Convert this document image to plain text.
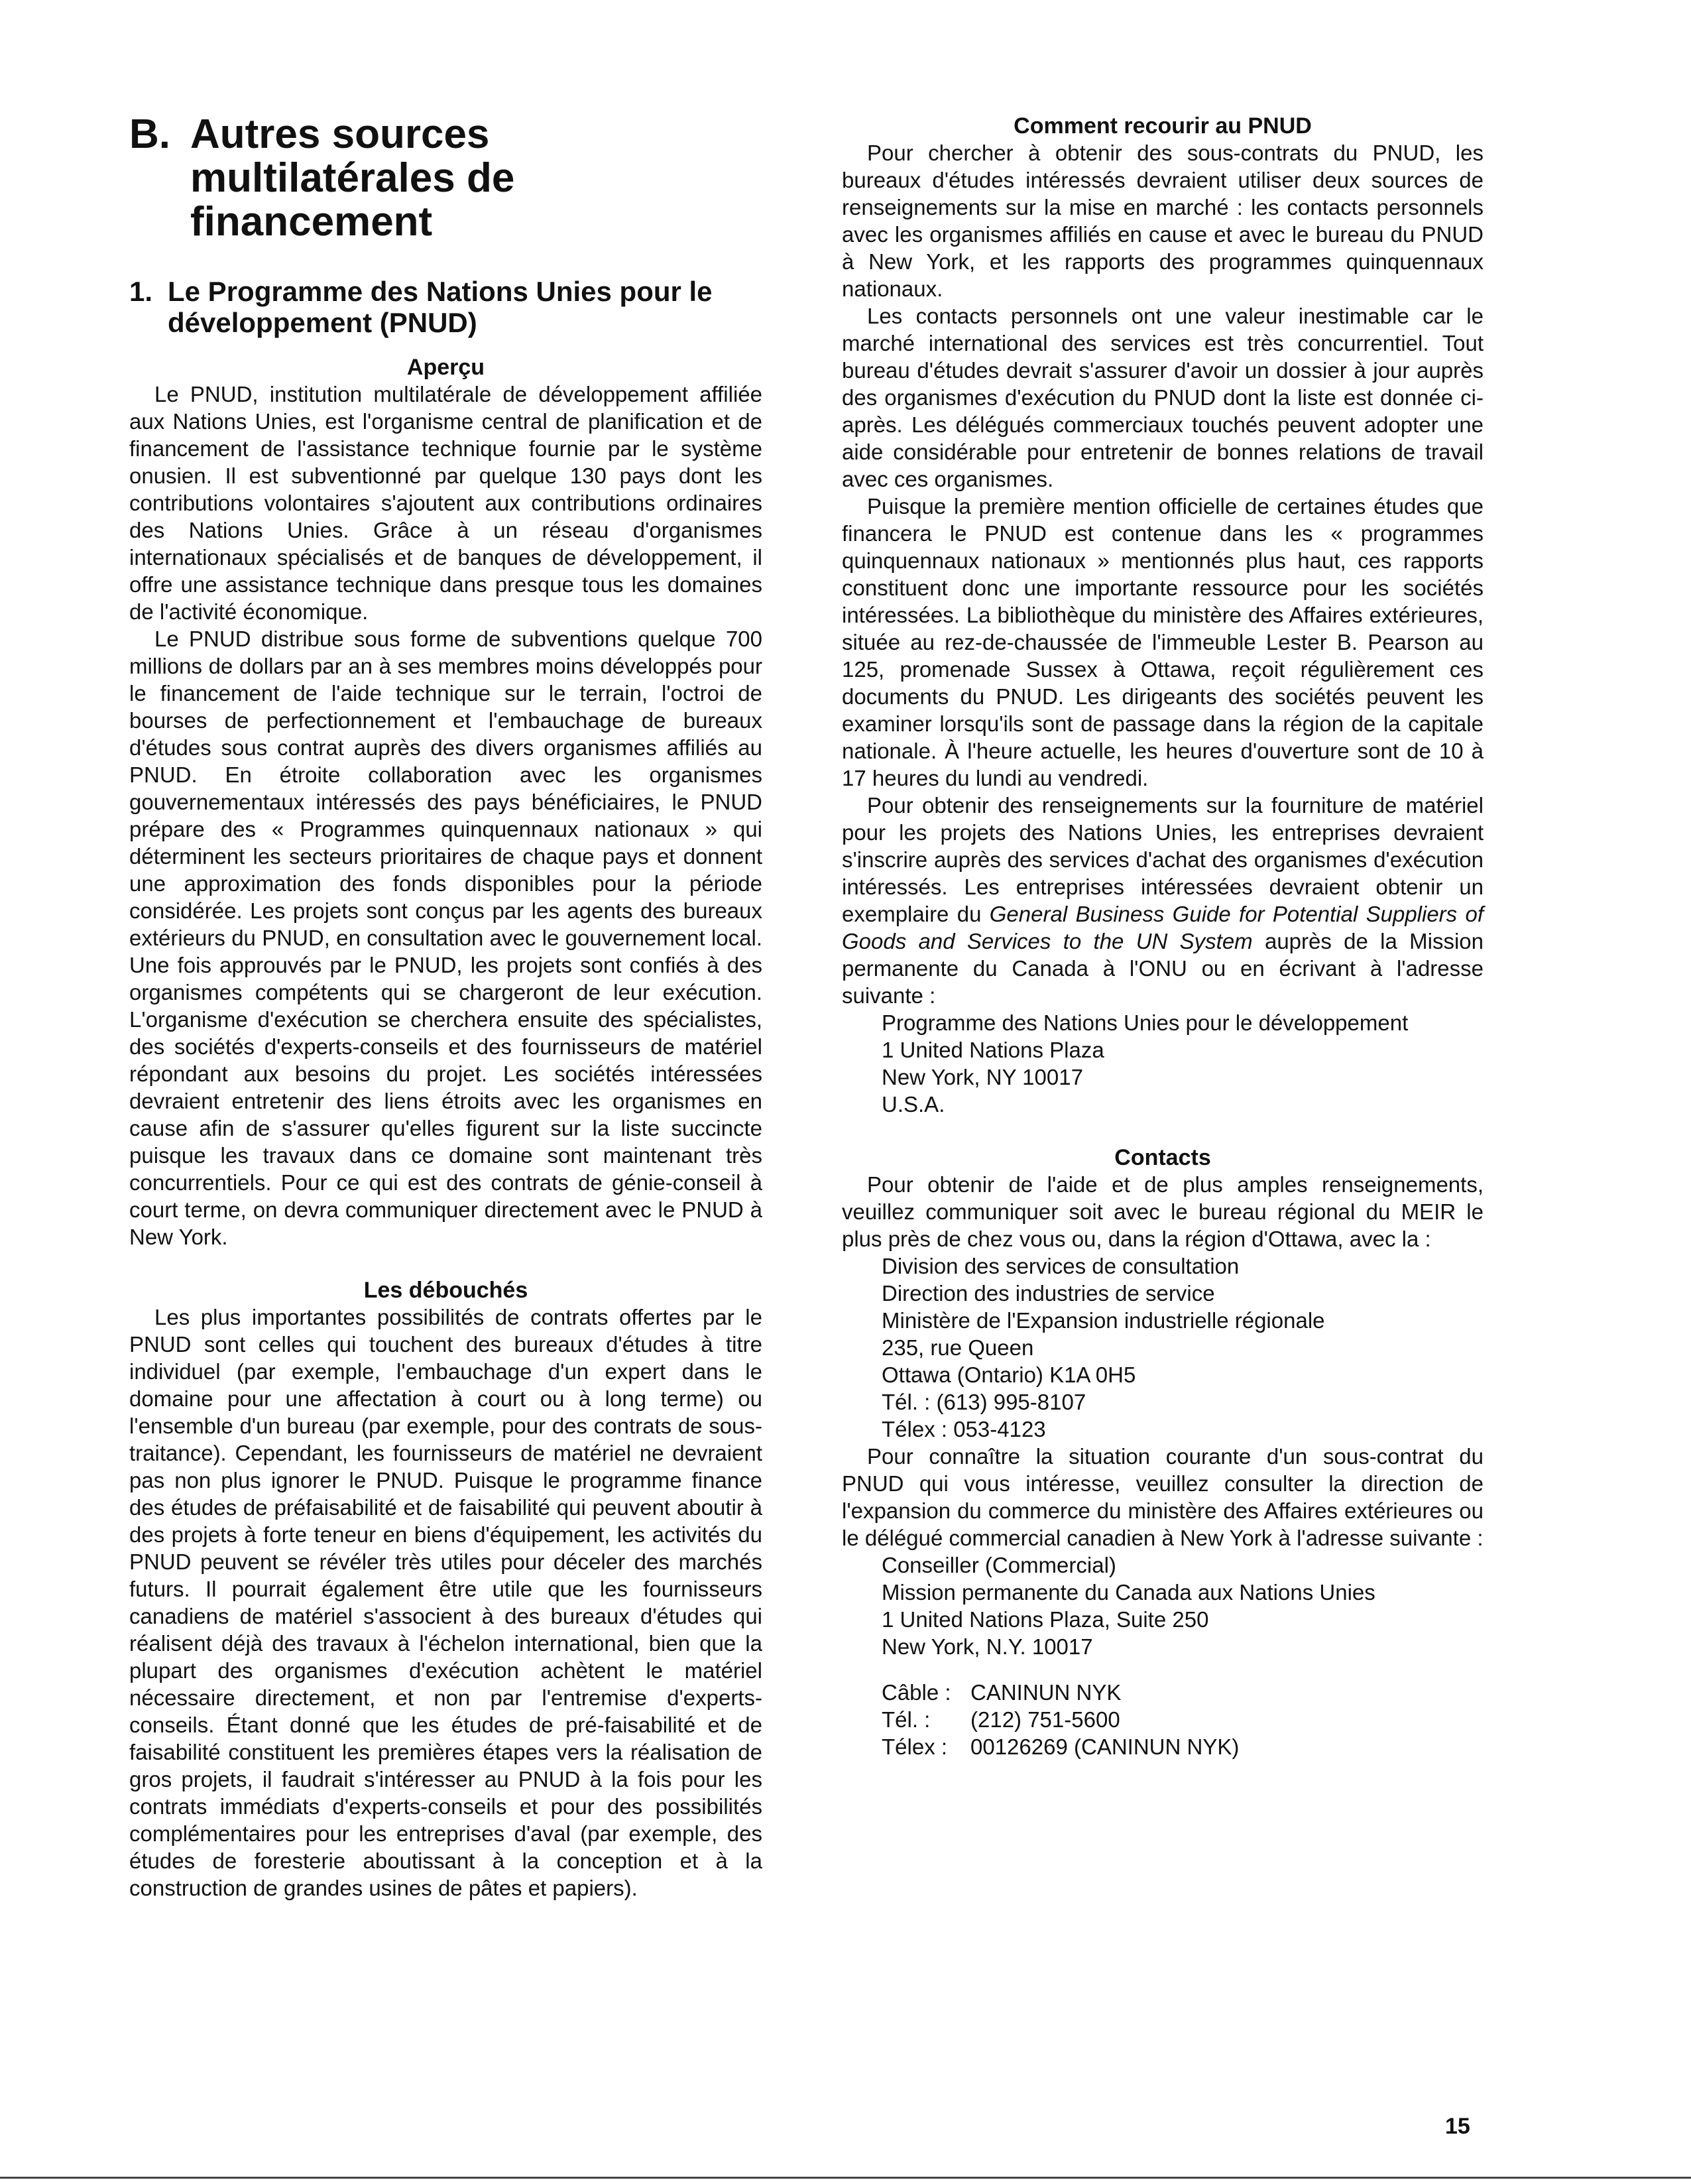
B. Autres sources multilatérales de financement
1. Le Programme des Nations Unies pour le développement (PNUD)
Aperçu

Le PNUD, institution multilatérale de développement affiliée aux Nations Unies, est l'organisme central de planification et de financement de l'assistance technique fournie par le système onusien. Il est subventionné par quelque 130 pays dont les contributions volontaires s'ajoutent aux contributions ordinaires des Nations Unies. Grâce à un réseau d'organismes internationaux spécialisés et de banques de développement, il offre une assistance technique dans presque tous les domaines de l'activité économique.

Le PNUD distribue sous forme de subventions quelque 700 millions de dollars par an à ses membres moins développés pour le financement de l'aide technique sur le terrain, l'octroi de bourses de perfectionnement et l'embauchage de bureaux d'études sous contrat auprès des divers organismes affiliés au PNUD. En étroite collaboration avec les organismes gouvernementaux intéressés des pays bénéficiaires, le PNUD prépare des « Programmes quinquennaux nationaux » qui déterminent les secteurs prioritaires de chaque pays et donnent une approximation des fonds disponibles pour la période considérée. Les projets sont conçus par les agents des bureaux extérieurs du PNUD, en consultation avec le gouvernement local. Une fois approuvés par le PNUD, les projets sont confiés à des organismes compétents qui se chargeront de leur exécution. L'organisme d'exécution se cherchera ensuite des spécialistes, des sociétés d'experts-conseils et des fournisseurs de matériel répondant aux besoins du projet. Les sociétés intéressées devraient entretenir des liens étroits avec les organismes en cause afin de s'assurer qu'elles figurent sur la liste succincte puisque les travaux dans ce domaine sont maintenant très concurrentiels. Pour ce qui est des contrats de génie-conseil à court terme, on devra communiquer directement avec le PNUD à New York.

Les débouchés

Les plus importantes possibilités de contrats offertes par le PNUD sont celles qui touchent des bureaux d'études à titre individuel (par exemple, l'embauchage d'un expert dans le domaine pour une affectation à court ou à long terme) ou l'ensemble d'un bureau (par exemple, pour des contrats de sous-traitance). Cependant, les fournisseurs de matériel ne devraient pas non plus ignorer le PNUD. Puisque le programme finance des études de préfaisabilité et de faisabilité qui peuvent aboutir à des projets à forte teneur en biens d'équipement, les activités du PNUD peuvent se révéler très utiles pour déceler des marchés futurs. Il pourrait également être utile que les fournisseurs canadiens de matériel s'associent à des bureaux d'études qui réalisent déjà des travaux à l'échelon international, bien que la plupart des organismes d'exécution achètent le matériel nécessaire directement, et non par l'entremise d'experts-conseils. Étant donné que les études de pré-faisabilité et de faisabilité constituent les premières étapes vers la réalisation de gros projets, il faudrait s'intéresser au PNUD à la fois pour les contrats immédiats d'experts-conseils et pour des possibilités complémentaires pour les entreprises d'aval (par exemple, des études de foresterie aboutissant à la conception et à la construction de grandes usines de pâtes et papiers).

Comment recourir au PNUD

Pour chercher à obtenir des sous-contrats du PNUD, les bureaux d'études intéressés devraient utiliser deux sources de renseignements sur la mise en marché : les contacts personnels avec les organismes affiliés en cause et avec le bureau du PNUD à New York, et les rapports des programmes quinquennaux nationaux.

Les contacts personnels ont une valeur inestimable car le marché international des services est très concurrentiel. Tout bureau d'études devrait s'assurer d'avoir un dossier à jour auprès des organismes d'exécution du PNUD dont la liste est donnée ci-après. Les délégués commerciaux touchés peuvent adopter une aide considérable pour entretenir de bonnes relations de travail avec ces organismes.

Puisque la première mention officielle de certaines études que financera le PNUD est contenue dans les « programmes quinquennaux nationaux » mentionnés plus haut, ces rapports constituent donc une importante ressource pour les sociétés intéressées. La bibliothèque du ministère des Affaires extérieures, située au rez-de-chaussée de l'immeuble Lester B. Pearson au 125, promenade Sussex à Ottawa, reçoit régulièrement ces documents du PNUD. Les dirigeants des sociétés peuvent les examiner lorsqu'ils sont de passage dans la région de la capitale nationale. À l'heure actuelle, les heures d'ouverture sont de 10 à 17 heures du lundi au vendredi.

Pour obtenir des renseignements sur la fourniture de matériel pour les projets des Nations Unies, les entreprises devraient s'inscrire auprès des services d'achat des organismes d'exécution intéressés. Les entreprises intéressées devraient obtenir un exemplaire du General Business Guide for Potential Suppliers of Goods and Services to the UN System auprès de la Mission permanente du Canada à l'ONU ou en écrivant à l'adresse suivante :

Programme des Nations Unies pour le développement
1 United Nations Plaza
New York, NY 10017
U.S.A.
Contacts

Pour obtenir de l'aide et de plus amples renseignements, veuillez communiquer soit avec le bureau régional du MEIR le plus près de chez vous ou, dans la région d'Ottawa, avec la :

Division des services de consultation
Direction des industries de service
Ministère de l'Expansion industrielle régionale
235, rue Queen
Ottawa (Ontario) K1A 0H5
Tél. : (613) 995-8107
Télex : 053-4123

Pour connaître la situation courante d'un sous-contrat du PNUD qui vous intéresse, veuillez consulter la direction de l'expansion du commerce du ministère des Affaires extérieures ou le délégué commercial canadien à New York à l'adresse suivante :

Conseiller (Commercial)
Mission permanente du Canada aux Nations Unies
1 United Nations Plaza, Suite 250
New York, N.Y. 10017
Câble : CANINUN NYK
Tél. :	(212) 751-5600
Télex :	00126269 (CANINUN NYK)
15
